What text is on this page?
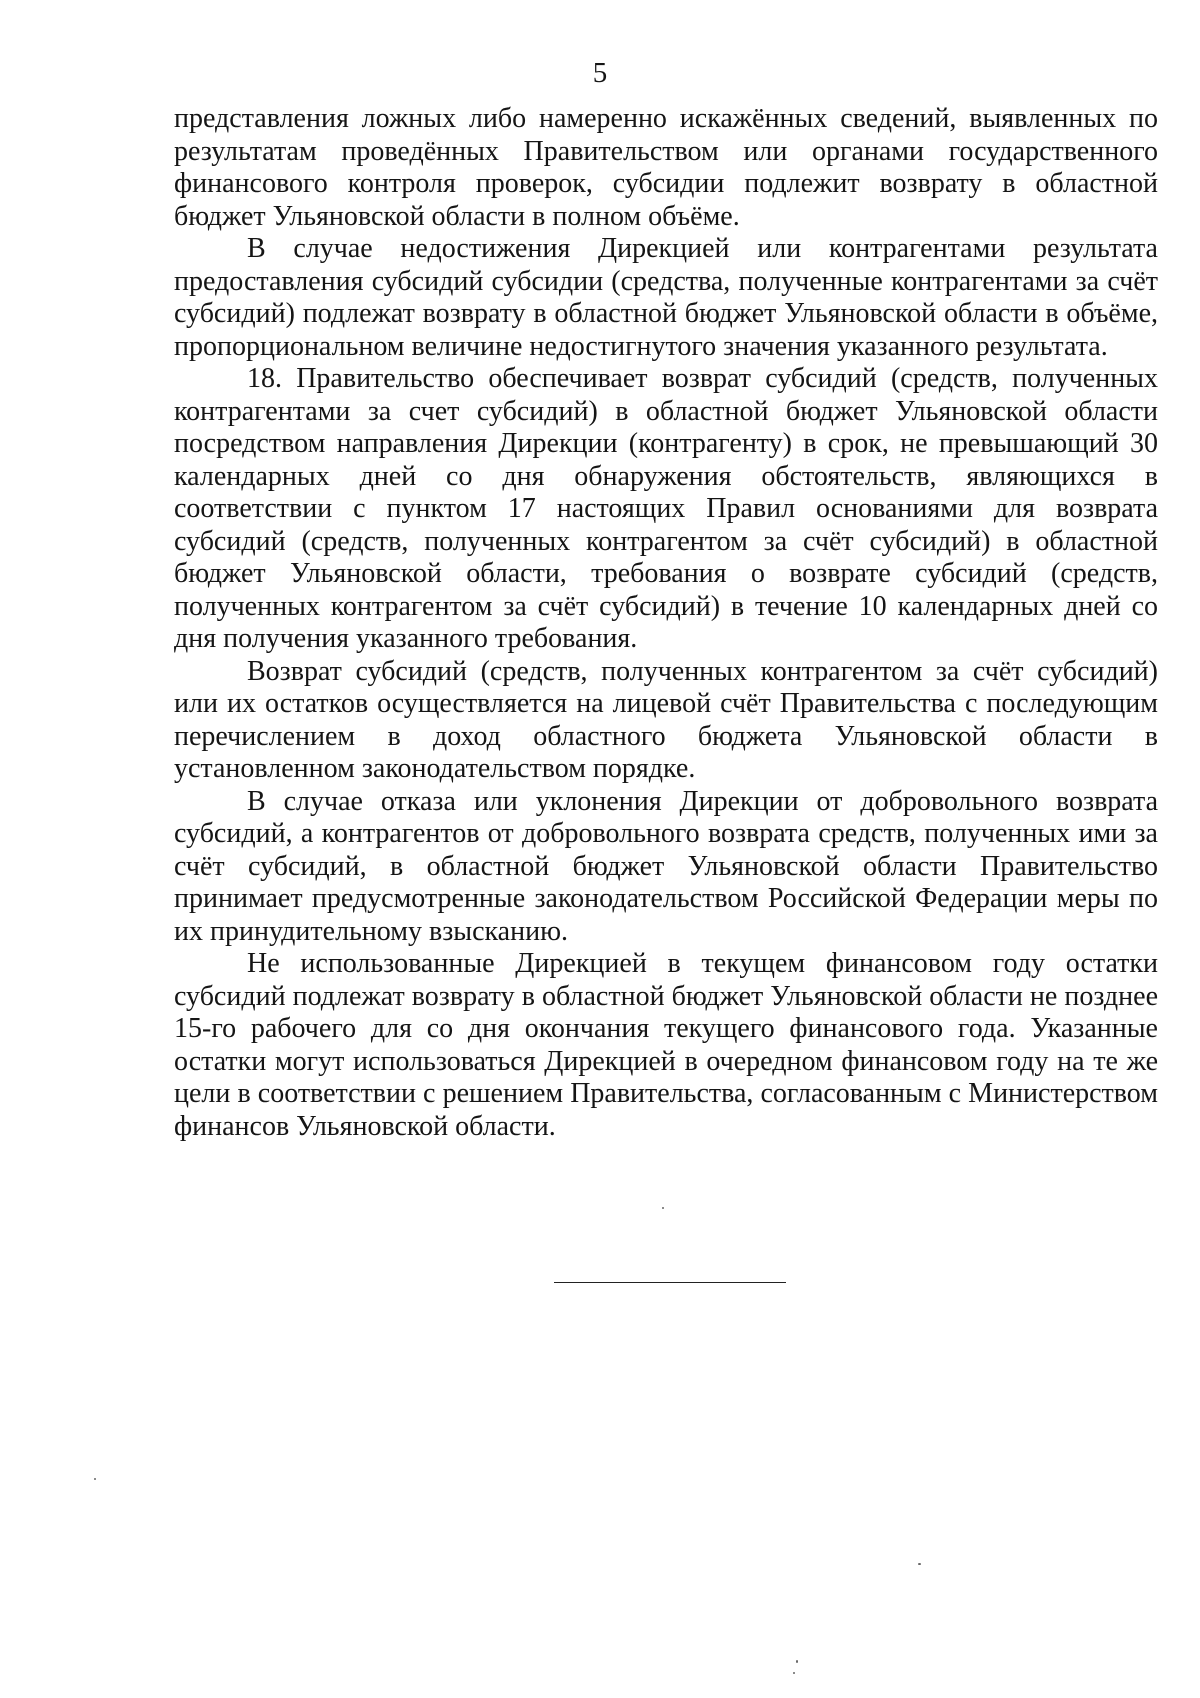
5

представления ложных либо намеренно искажённых сведений, выявленных по результатам проведённых Правительством или органами государственного финансового контроля проверок, субсидии подлежит возврату в областной бюджет Ульяновской области в полном объёме.

В случае недостижения Дирекцией или контрагентами результата предоставления субсидий субсидии (средства, полученные контрагентами за счёт субсидий) подлежат возврату в областной бюджет Ульяновской области в объёме, пропорциональном величине недостигнутого значения указанного результата.

18. Правительство обеспечивает возврат субсидий (средств, полученных контрагентами за счет субсидий) в областной бюджет Ульяновской области посредством направления Дирекции (контрагенту) в срок, не превышающий 30 календарных дней со дня обнаружения обстоятельств, являющихся в соответствии с пунктом 17 настоящих Правил основаниями для возврата субсидий (средств, полученных контрагентом за счёт субсидий) в областной бюджет Ульяновской области, требования о возврате субсидий (средств, полученных контрагентом за счёт субсидий) в течение 10 календарных дней со дня получения указанного требования.

Возврат субсидий (средств, полученных контрагентом за счёт субсидий) или их остатков осуществляется на лицевой счёт Правительства с последующим перечислением в доход областного бюджета Ульяновской области в установленном законодательством порядке.

В случае отказа или уклонения Дирекции от добровольного возврата субсидий, а контрагентов от добровольного возврата средств, полученных ими за счёт субсидий, в областной бюджет Ульяновской области Правительство принимает предусмотренные законодательством Российской Федерации меры по их принудительному взысканию.

Не использованные Дирекцией в текущем финансовом году остатки субсидий подлежат возврату в областной бюджет Ульяновской области не позднее 15-го рабочего для со дня окончания текущего финансового года. Указанные остатки могут использоваться Дирекцией в очередном финансовом году на те же цели в соответствии с решением Правительства, согласованным с Министерством финансов Ульяновской области.
